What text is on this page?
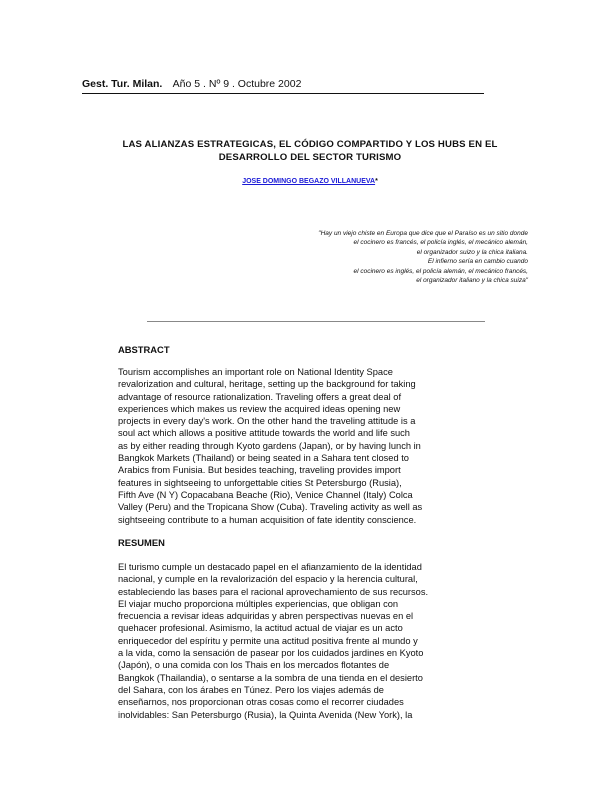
Gest. Tur. Milan. Año 5 . Nº 9 . Octubre 2002
LAS ALIANZAS ESTRATEGICAS, EL CÓDIGO COMPARTIDO Y LOS HUBS EN EL
DESARROLLO DEL SECTOR TURISMO
JOSE DOMINGO BEGAZO VILLANUEVA*
"Hay un viejo chiste en Europa que dice que el Paraíso es un sitio donde
el cocinero es francés, el policía inglés, el mecánico alemán,
el organizador suizo y la chica italiana.
El infierno sería en cambio cuando
el cocinero es inglés, el policía alemán, el mecánico francés,
el organizador italiano y la chica suiza"
ABSTRACT
Tourism accomplishes an important role on National Identity Space
revalorization and cultural, heritage, setting up the background for taking
advantage of resource rationalization. Traveling offers a great deal of
experiences which makes us review the acquired ideas opening new
projects in every day's work. On the other hand the traveling attitude is a
soul act which allows a positive attitude towards the world and life such
as by either reading through Kyoto gardens (Japan), or by having lunch in
Bangkok Markets (Thailand) or being seated in a Sahara tent closed to
Arabics from Funisia. But besides teaching, traveling provides import
features in sightseeing to unforgettable cities St Petersburgo (Rusia),
Fifth Ave (N Y) Copacabana Beache (Rio), Venice Channel (Italy) Colca
Valley (Peru) and the Tropicana Show (Cuba). Traveling activity as well as
sightseeing contribute to a human acquisition of fate identity conscience.
RESUMEN
El turismo cumple un destacado papel en el afianzamiento de la identidad
nacional, y cumple en la revalorización del espacio y la herencia cultural,
estableciendo las bases para el racional aprovechamiento de sus recursos.
El viajar mucho proporciona múltiples experiencias, que obligan con
frecuencia a revisar ideas adquiridas y abren perspectivas nuevas en el
quehacer profesional. Asimismo, la actitud actual de viajar es un acto
enriquecedor del espíritu y permite una actitud positiva frente al mundo y
a la vida, como la sensación de pasear por los cuidados jardines en Kyoto
(Japón), o una comida con los Thais en los mercados flotantes de
Bangkok (Thailandia), o sentarse a la sombra de una tienda en el desierto
del Sahara, con los árabes en Túnez. Pero los viajes además de
enseñarnos, nos proporcionan otras cosas como el recorrer ciudades
inolvidables: San Petersburgo (Rusia), la Quinta Avenida (New York), la
